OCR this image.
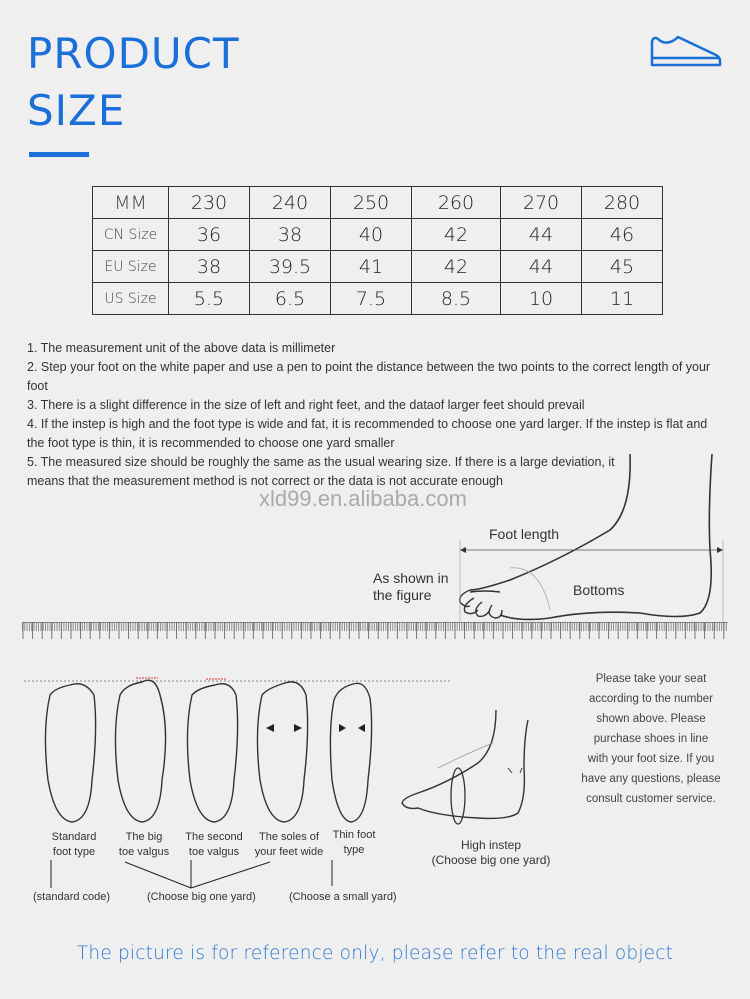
PRODUCT
SIZE
MM	230	240	250	260	270	280
CN Size	36	38	40	42	44	46
EU Size	38	39.5	41	42	44	45
US Size	5.5	6.5	7.5	8.5	10	11

1. The measurement unit of the above data is millimeter

2. Step your foot on the white paper and use a pen to point the distance between the two points to the correct length of your foot

3. There is a slight difference in the size of left and right feet, and the dataof larger feet should prevail

4. If the instep is high and the foot type is wide and fat, it is recommended to choose one yard larger. If the instep is flat and the foot type is thin, it is recommended to choose one yard smaller

5. The measured size should be roughly the same as the usual wearing size. If there is a large deviation, it means that the measurement method is not correct or the data is not accurate enough

xld99.en.alibaba.com
Foot length
As shown in
the figure	Bottoms
Standard
foot type
The big
toe valgus
The second
toe valgus
The soles of
your feet wide
Thin foot
type
(standard code)	(Choose big one yard)	(Choose a small yard)
High instep
(Choose big one yard)
Please take your seat
according to the number
shown above. Please
purchase shoes in line
with your foot size. If you
have any questions, please
consult customer service.
The picture is for reference only, please refer to the real object
